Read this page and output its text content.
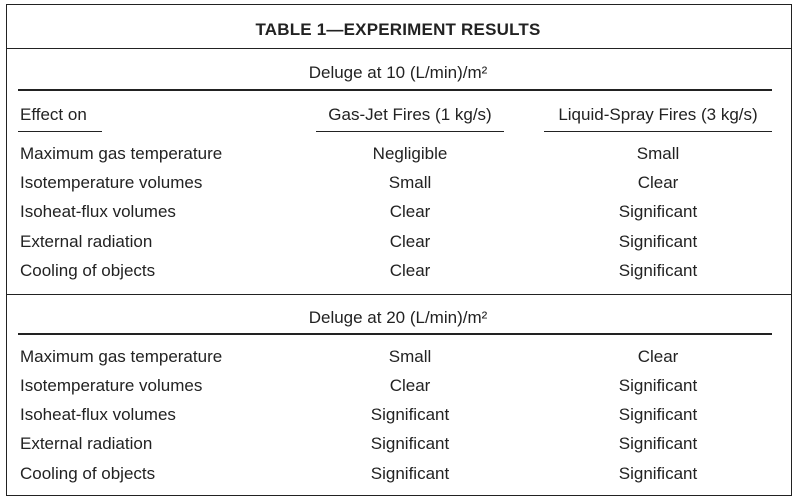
TABLE 1—EXPERIMENT RESULTS
Deluge at 10 (L/min)/m²
Effect on	Gas-Jet Fires (1 kg/s)	Liquid-Spray Fires (3 kg/s)
Maximum gas temperature	Negligible	Small
Isotemperature volumes	Small	Clear
Isoheat-flux volumes	Clear	Significant
External radiation	Clear	Significant
Cooling of objects	Clear	Significant
Deluge at 20 (L/min)/m²
Maximum gas temperature	Small	Clear
Isotemperature volumes	Clear	Significant
Isoheat-flux volumes	Significant	Significant
External radiation	Significant	Significant
Cooling of objects	Significant	Significant
